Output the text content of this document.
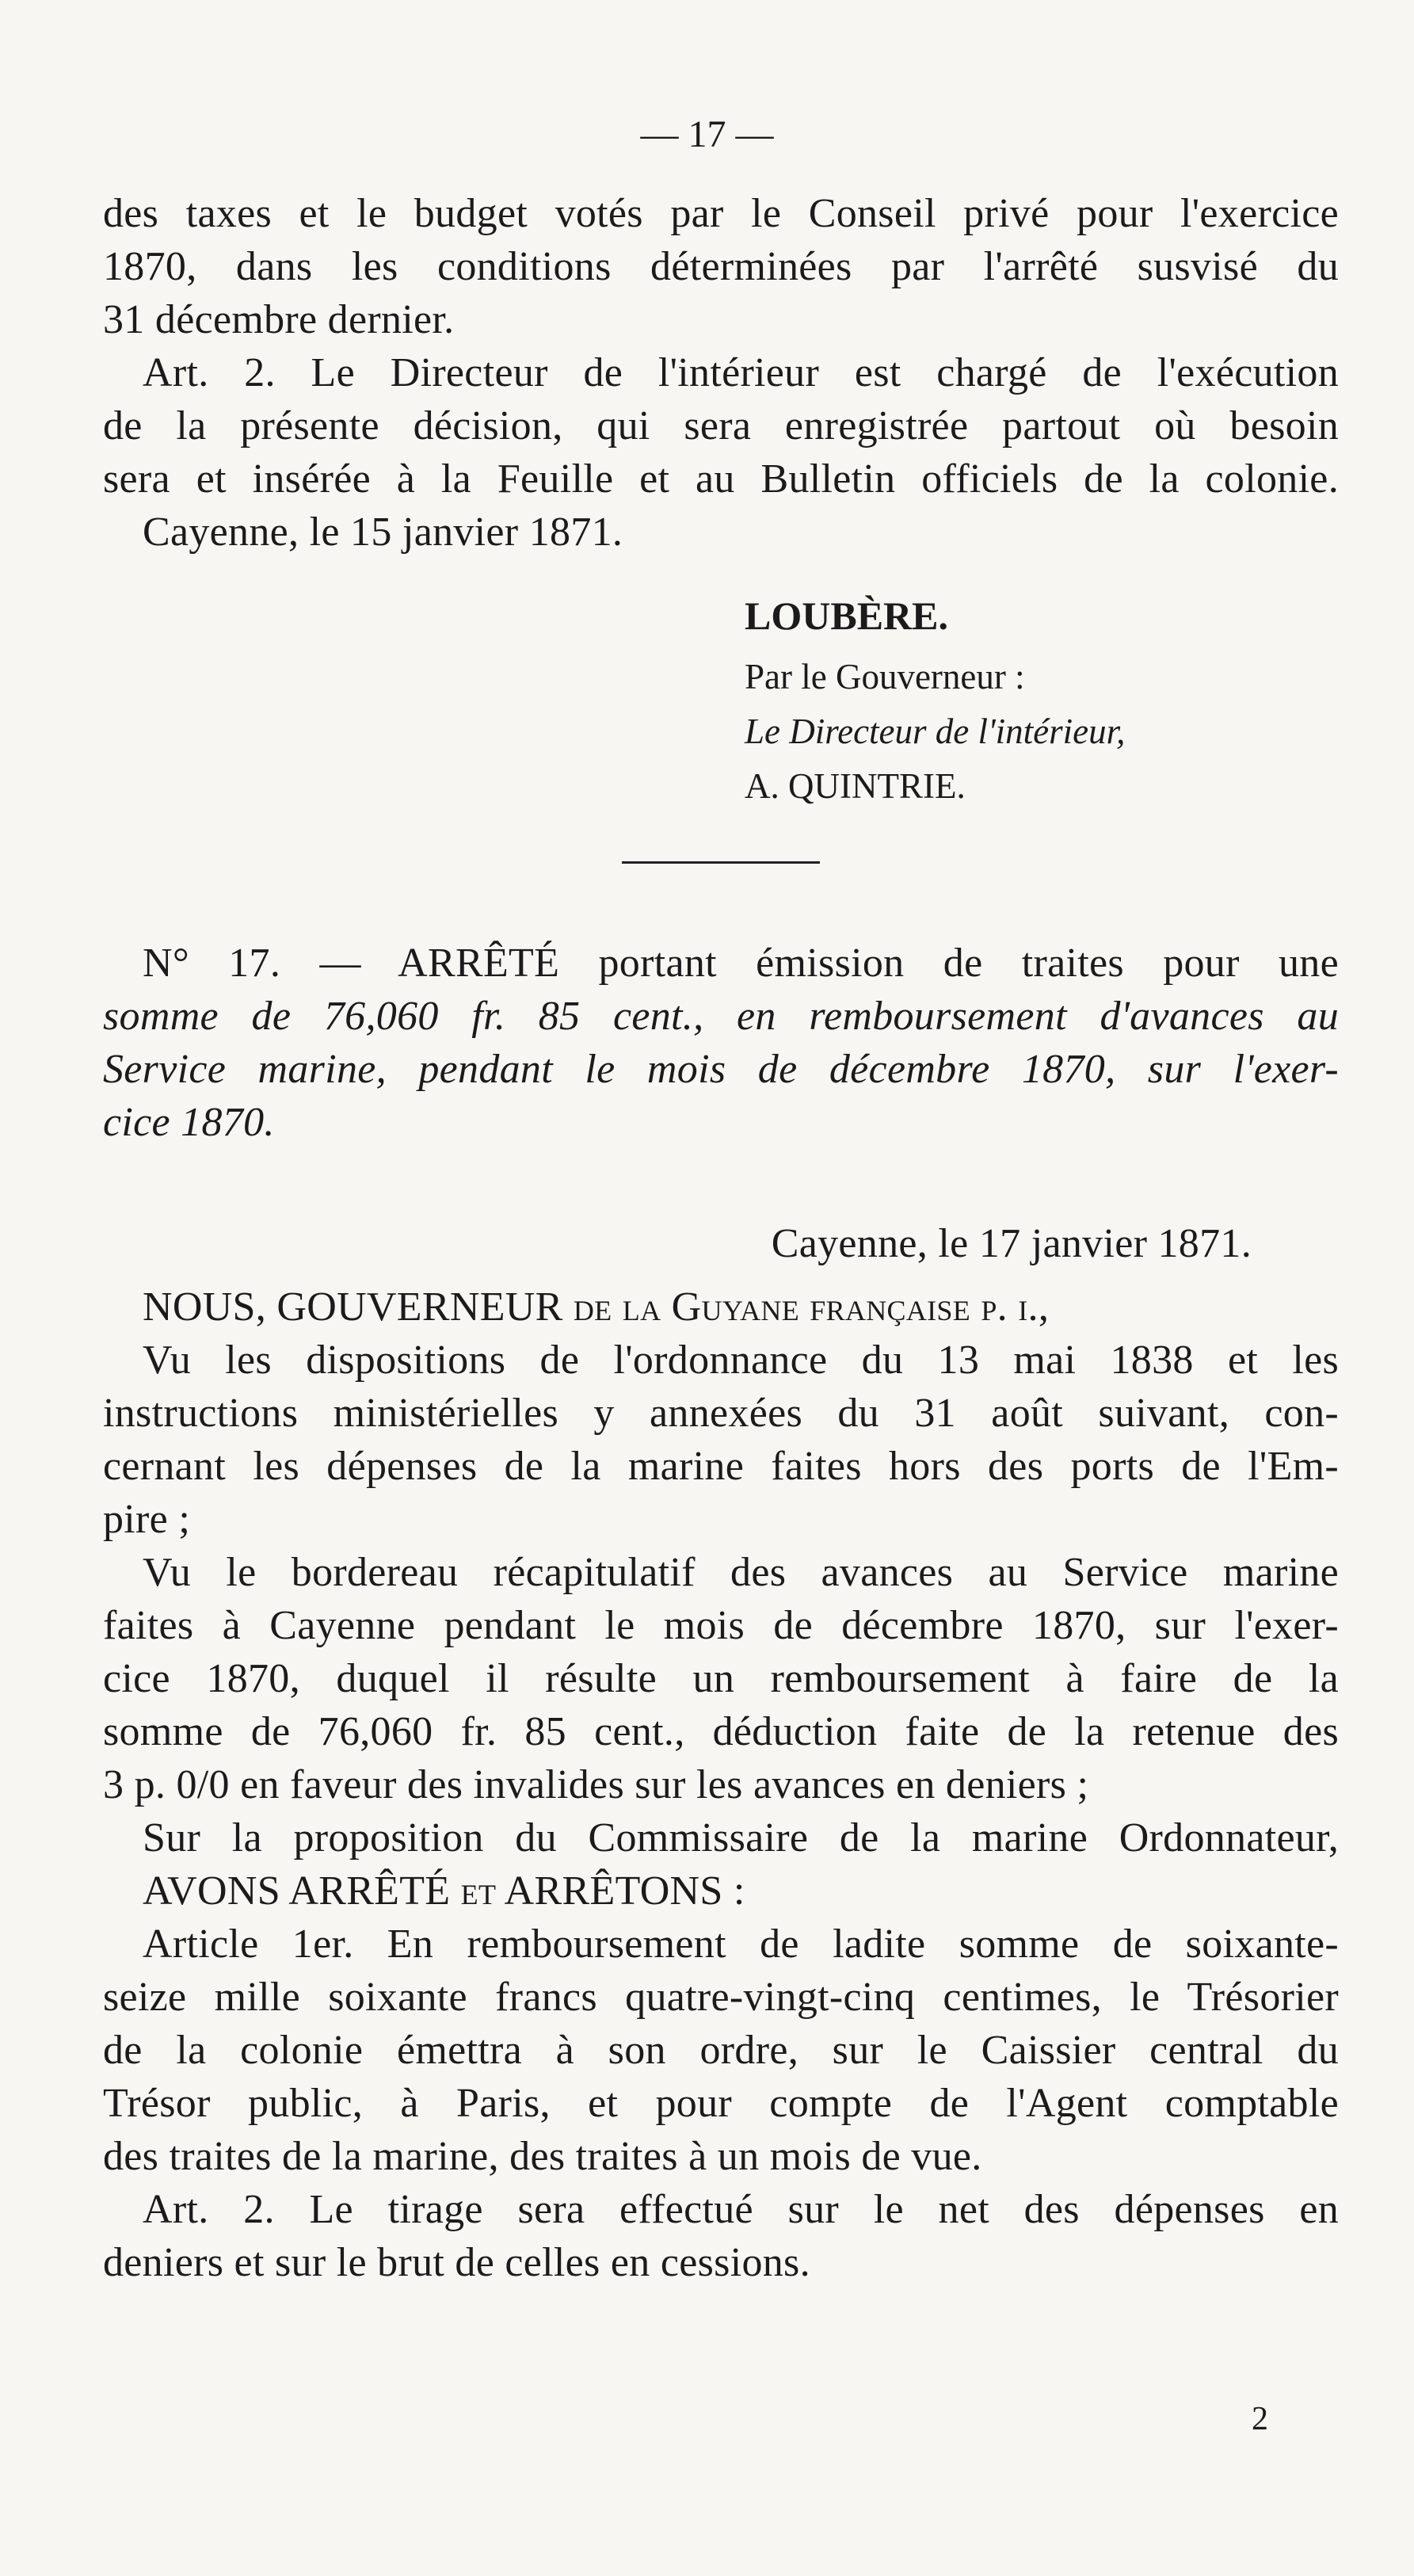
— 17 —
des taxes et le budget votés par le Conseil privé pour l'exercice
1870, dans les conditions déterminées par l'arrêté susvisé du
31 décembre dernier.
Art. 2. Le Directeur de l'intérieur est chargé de l'exécution
de la présente décision, qui sera enregistrée partout où besoin
sera et insérée à la Feuille et au Bulletin officiels de la colonie.
Cayenne, le 15 janvier 1871.
LOUBÈRE.
Par le Gouverneur :
Le Directeur de l'intérieur,
A. QUINTRIE.
N° 17. — ARRÊTÉ portant émission de traites pour une
somme de 76,060 fr. 85 cent., en remboursement d'avances au
Service marine, pendant le mois de décembre 1870, sur l'exer-
cice 1870.
Cayenne, le 17 janvier 1871.
NOUS, GOUVERNEUR de la Guyane française p. i.,
Vu les dispositions de l'ordonnance du 13 mai 1838 et les
instructions ministérielles y annexées du 31 août suivant, con-
cernant les dépenses de la marine faites hors des ports de l'Em-
pire ;
Vu le bordereau récapitulatif des avances au Service marine
faites à Cayenne pendant le mois de décembre 1870, sur l'exer-
cice 1870, duquel il résulte un remboursement à faire de la
somme de 76,060 fr. 85 cent., déduction faite de la retenue des
3 p. 0/0 en faveur des invalides sur les avances en deniers ;
Sur la proposition du Commissaire de la marine Ordonnateur,
AVONS ARRÊTÉ et ARRÊTONS :
Article 1er. En remboursement de ladite somme de soixante-
seize mille soixante francs quatre-vingt-cinq centimes, le Trésorier
de la colonie émettra à son ordre, sur le Caissier central du
Trésor public, à Paris, et pour compte de l'Agent comptable
des traites de la marine, des traites à un mois de vue.
Art. 2. Le tirage sera effectué sur le net des dépenses en
deniers et sur le brut de celles en cessions.
2
